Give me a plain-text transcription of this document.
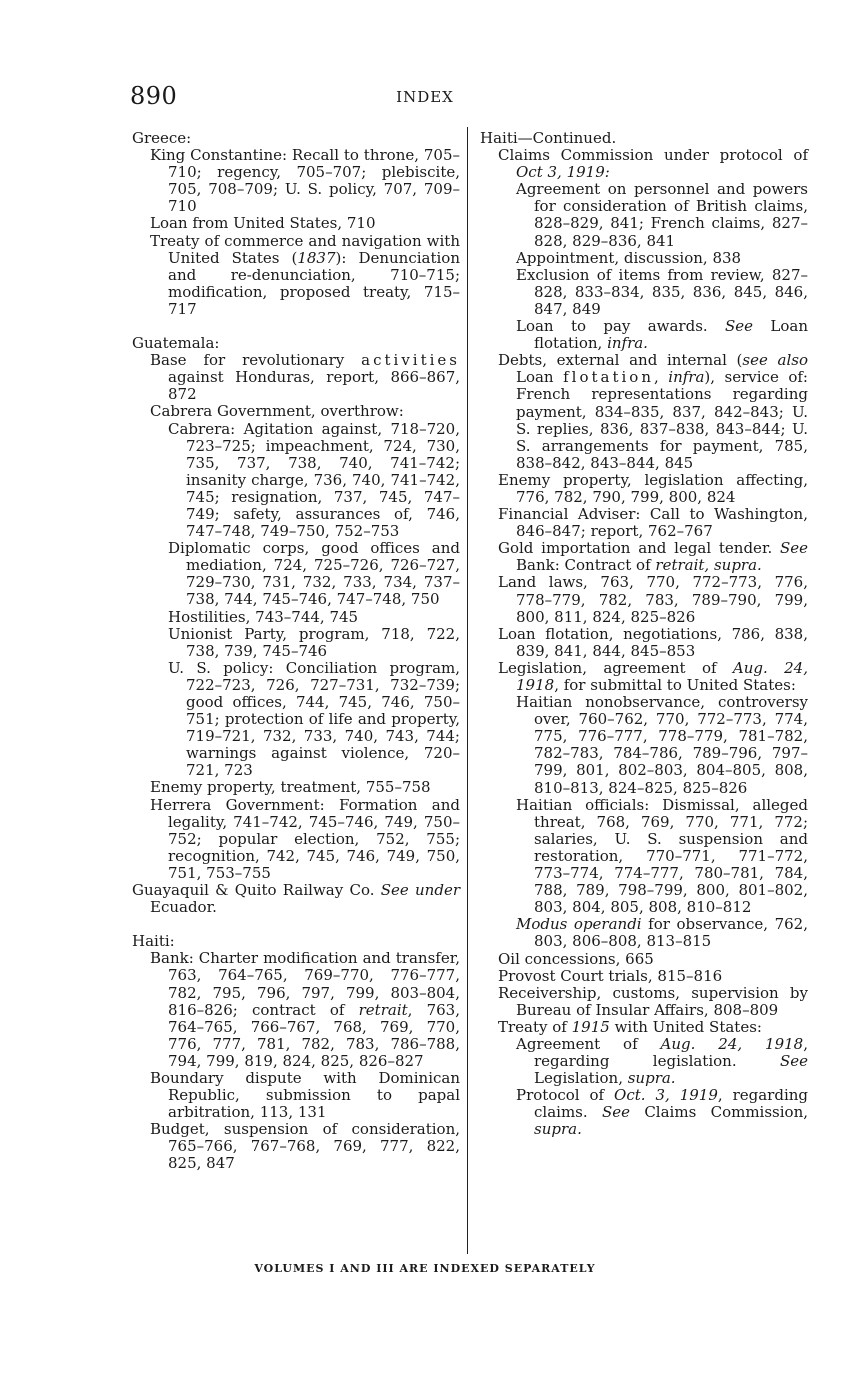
890	INDEX

Greece:

King Constantine: Recall to throne, 705–710; regency, 705–707; plebiscite, 705, 708–709; U. S. policy, 707, 709–710

Loan from United States, 710

Treaty of commerce and navigation with United States (1837): Denunciation and re-denunciation, 710–715; modification, proposed treaty, 715–717

Guatemala:

Base for revolutionary activities against Honduras, report, 866–867, 872

Cabrera Government, overthrow:

Cabrera: Agitation against, 718–720, 723–725; impeachment, 724, 730, 735, 737, 738, 740, 741–742; insanity charge, 736, 740, 741–742, 745; resignation, 737, 745, 747–749; safety, assurances of, 746, 747–748, 749–750, 752–753

Diplomatic corps, good offices and mediation, 724, 725–726, 726–727, 729–730, 731, 732, 733, 734, 737–738, 744, 745–746, 747–748, 750

Hostilities, 743–744, 745

Unionist Party, program, 718, 722, 738, 739, 745–746

U. S. policy: Conciliation program, 722–723, 726, 727–731, 732–739; good offices, 744, 745, 746, 750–751; protection of life and property, 719–721, 732, 733, 740, 743, 744; warnings against violence, 720–721, 723

Enemy property, treatment, 755–758

Herrera Government: Formation and legality, 741–742, 745–746, 749, 750–752; popular election, 752, 755; recognition, 742, 745, 746, 749, 750, 751, 753–755

Guayaquil & Quito Railway Co. See under Ecuador.

Haiti:

Bank: Charter modification and transfer, 763, 764–765, 769–770, 776–777, 782, 795, 796, 797, 799, 803–804, 816–826; contract of retrait, 763, 764–765, 766–767, 768, 769, 770, 776, 777, 781, 782, 783, 786–788, 794, 799, 819, 824, 825, 826–827

Boundary dispute with Dominican Republic, submission to papal arbitration, 113, 131

Budget, suspension of consideration, 765–766, 767–768, 769, 777, 822, 825, 847

Haiti—Continued.

Claims Commission under protocol of Oct 3, 1919:

Agreement on personnel and powers for consideration of British claims, 828–829, 841; French claims, 827–828, 829–836, 841

Appointment, discussion, 838

Exclusion of items from review, 827–828, 833–834, 835, 836, 845, 846, 847, 849

Loan to pay awards. See Loan flotation, infra.

Debts, external and internal (see also Loan flotation, infra), service of: French representations regarding payment, 834–835, 837, 842–843; U. S. replies, 836, 837–838, 843–844; U. S. arrangements for payment, 785, 838–842, 843–844, 845

Enemy property, legislation affecting, 776, 782, 790, 799, 800, 824

Financial Adviser: Call to Washington, 846–847; report, 762–767

Gold importation and legal tender. See Bank: Contract of retrait, supra.

Land laws, 763, 770, 772–773, 776, 778–779, 782, 783, 789–790, 799, 800, 811, 824, 825–826

Loan flotation, negotiations, 786, 838, 839, 841, 844, 845–853

Legislation, agreement of Aug. 24, 1918, for submittal to United States:

Haitian nonobservance, controversy over, 760–762, 770, 772–773, 774, 775, 776–777, 778–779, 781–782, 782–783, 784–786, 789–796, 797–799, 801, 802–803, 804–805, 808, 810–813, 824–825, 825–826

Haitian officials: Dismissal, alleged threat, 768, 769, 770, 771, 772; salaries, U. S. suspension and restoration, 770–771, 771–772, 773–774, 774–777, 780–781, 784, 788, 789, 798–799, 800, 801–802, 803, 804, 805, 808, 810–812

Modus operandi for observance, 762, 803, 806–808, 813–815

Oil concessions, 665

Provost Court trials, 815–816

Receivership, customs, supervision by Bureau of Insular Affairs, 808–809

Treaty of 1915 with United States:

Agreement of Aug. 24, 1918, regarding legislation. See Legislation, supra.

Protocol of Oct. 3, 1919, regarding claims. See Claims Commission, supra.

VOLUMES I AND III ARE INDEXED SEPARATELY
